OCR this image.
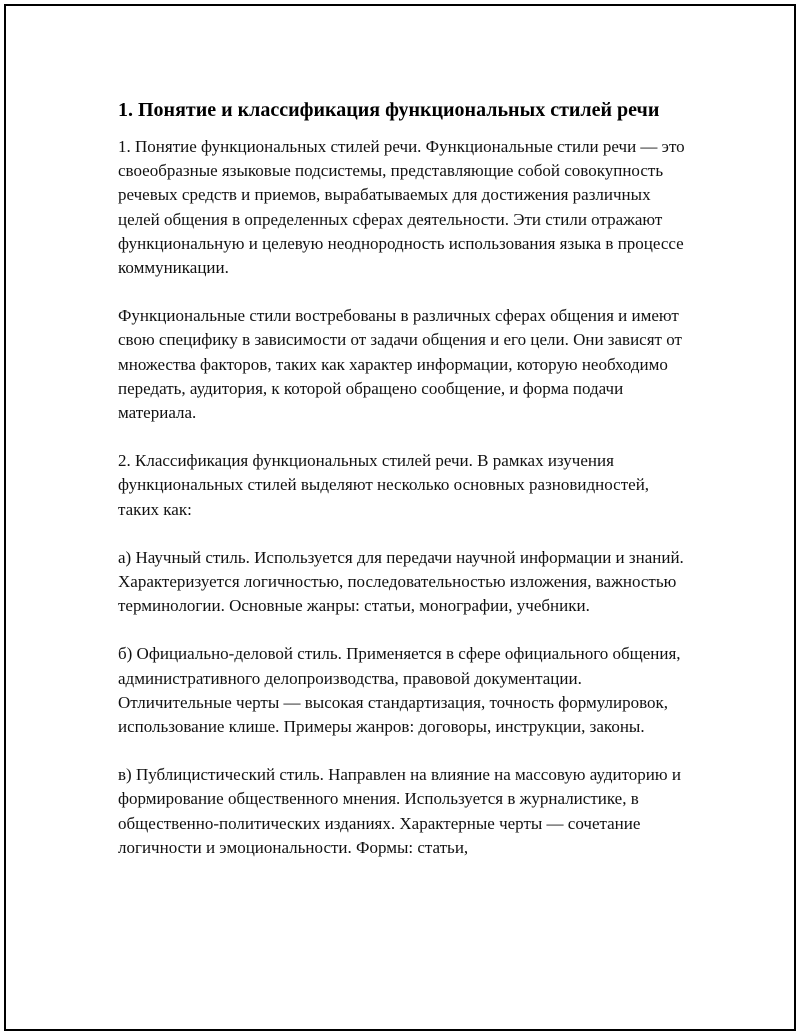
1. Понятие и классификация функциональных стилей речи

1. Понятие функциональных стилей речи. Функциональные стили речи — это своеобразные языковые подсистемы, представляющие собой совокупность речевых средств и приемов, вырабатываемых для достижения различных целей общения в определенных сферах деятельности. Эти стили отражают функциональную и целевую неоднородность использования языка в процессе коммуникации.

Функциональные стили востребованы в различных сферах общения и имеют свою специфику в зависимости от задачи общения и его цели. Они зависят от множества факторов, таких как характер информации, которую необходимо передать, аудитория, к которой обращено сообщение, и форма подачи материала.

2. Классификация функциональных стилей речи. В рамках изучения функциональных стилей выделяют несколько основных разновидностей, таких как:

а) Научный стиль. Используется для передачи научной информации и знаний. Характеризуется логичностью, последовательностью изложения, важностью терминологии. Основные жанры: статьи, монографии, учебники.

б) Официально-деловой стиль. Применяется в сфере официального общения, административного делопроизводства, правовой документации. Отличительные черты — высокая стандартизация, точность формулировок, использование клише. Примеры жанров: договоры, инструкции, законы.

в) Публицистический стиль. Направлен на влияние на массовую аудиторию и формирование общественного мнения. Используется в журналистике, в общественно-политических изданиях. Характерные черты — сочетание логичности и эмоциональности. Формы: статьи,
